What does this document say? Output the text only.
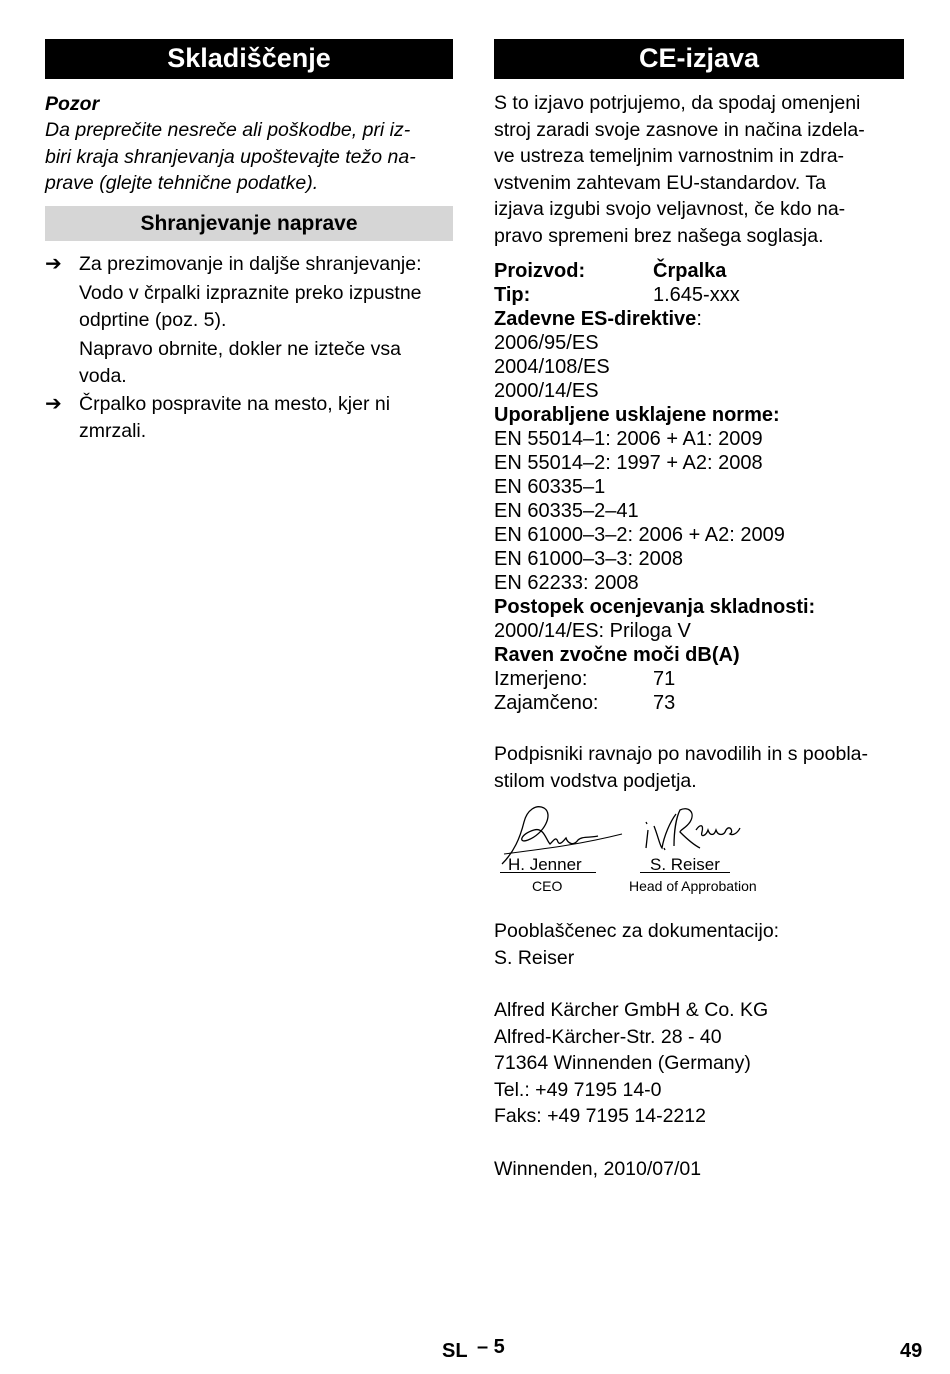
Skladiščenje
Pozor
Da preprečite nesreče ali poškodbe, pri iz-
biri kraja shranjevanja upoštevajte težo na-
prave (glejte tehnične podatke).
Shranjevanje naprave
➔ Za prezimovanje in daljše shranjevanje:
Vodo v črpalki izpraznite preko izpustne
odprtine (poz. 5).
Napravo obrnite, dokler ne izteče vsa
voda.
➔ Črpalko pospravite na mesto, kjer ni
zmrzali.
CE-izjava
S to izjavo potrjujemo, da spodaj omenjeni
stroj zaradi svoje zasnove in načina izdela-
ve ustreza temeljnim varnostnim in zdra-
vstvenim zahtevam EU-standardov. Ta
izjava izgubi svojo veljavnost, če kdo na-
pravo spremeni brez našega soglasja.
Proizvod:	Črpalka
Tip:	1.645-xxx
Zadevne ES-direktive:
2006/95/ES
2004/108/ES
2000/14/ES
Uporabljene usklajene norme:
EN 55014–1: 2006 + A1: 2009
EN 55014–2: 1997 + A2: 2008
EN 60335–1
EN 60335–2–41
EN 61000–3–2: 2006 + A2: 2009
EN 61000–3–3: 2008
EN 62233: 2008
Postopek ocenjevanja skladnosti:
2000/14/ES: Priloga V
Raven zvočne moči dB(A)
Izmerjeno:	71
Zajamčeno:	73
Podpisniki ravnajo po navodilih in s poobla-
stilom vodstva podjetja.
H. Jenner
CEO
S. Reiser
Head of Approbation
Pooblaščenec za dokumentacijo:
S. Reiser
Alfred Kärcher GmbH & Co. KG
Alfred-Kärcher-Str. 28 - 40
71364 Winnenden (Germany)
Tel.: +49 7195 14-0
Faks: +49 7195 14-2212
Winnenden, 2010/07/01
SL – 5	49
